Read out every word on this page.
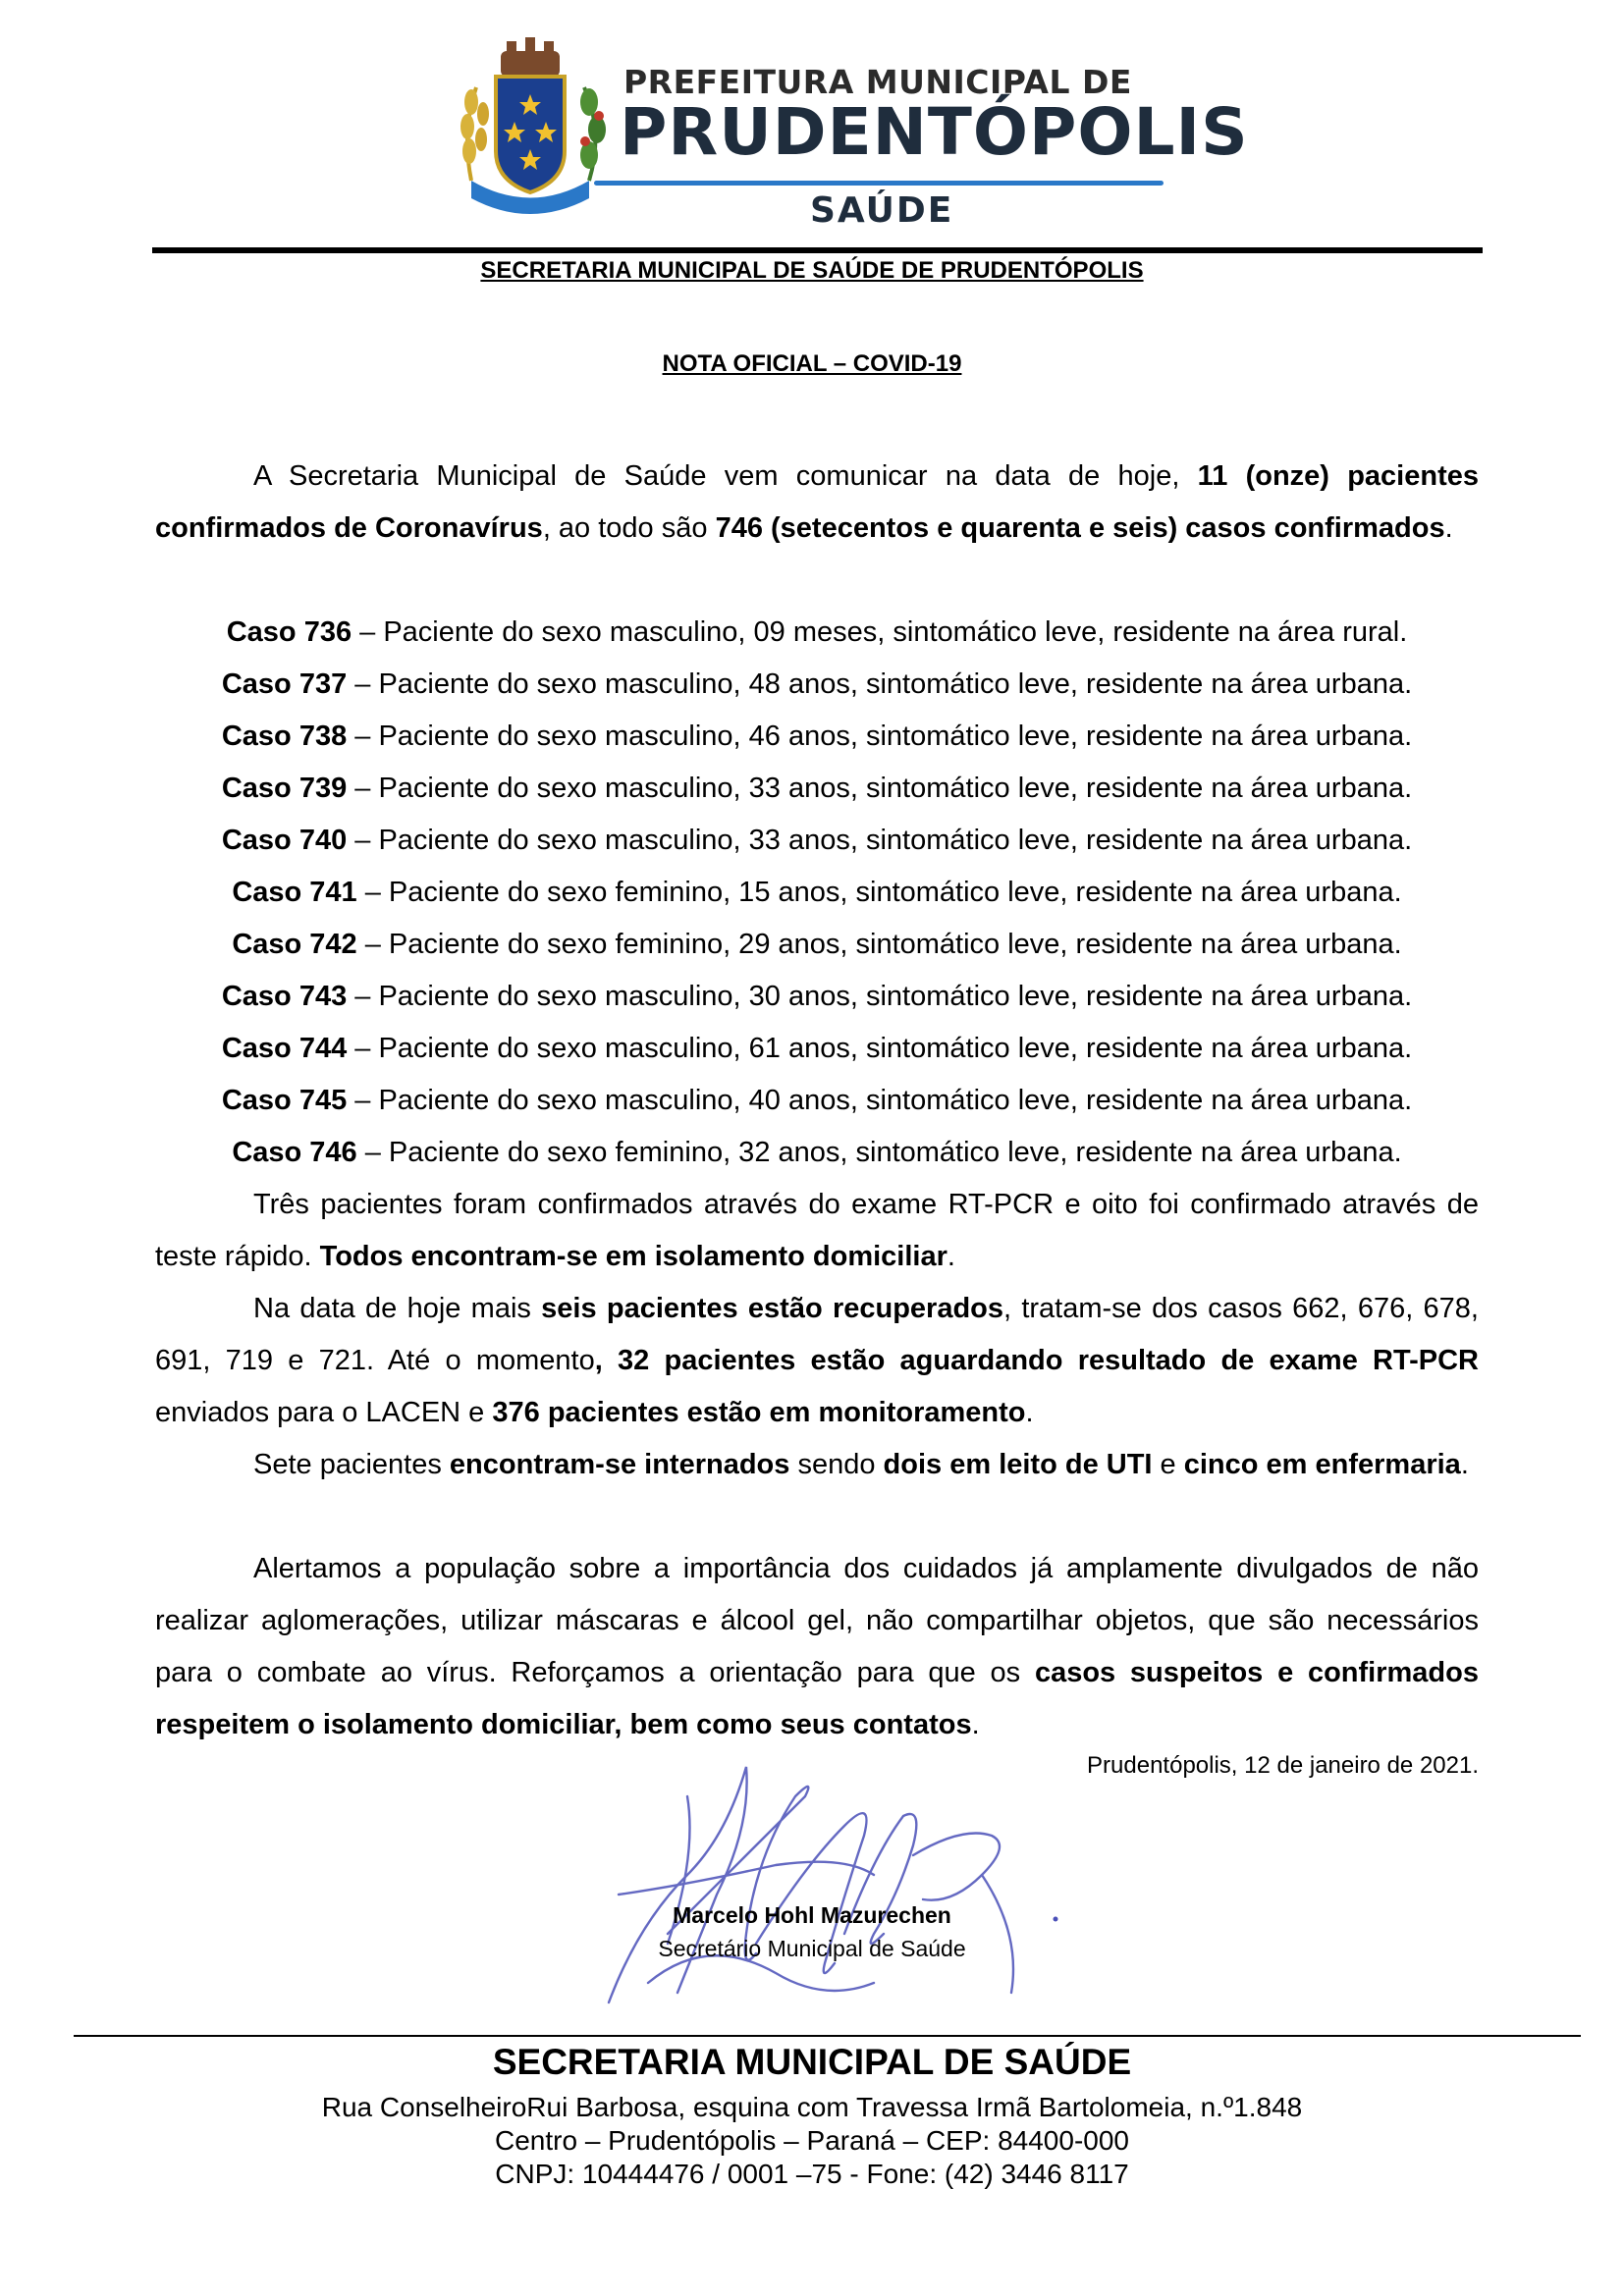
PREFEITURA MUNICIPAL DE
PRUDENTÓPOLIS
SAÚDE
SECRETARIA MUNICIPAL DE SAÚDE DE PRUDENTÓPOLIS
NOTA OFICIAL – COVID-19
A Secretaria Municipal de Saúde vem comunicar na data de hoje, 11 (onze) pacientes confirmados de Coronavírus, ao todo são 746 (setecentos e quarenta e seis) casos confirmados.

Caso 736 – Paciente do sexo masculino, 09 meses, sintomático leve, residente na área rural.

Caso 737 – Paciente do sexo masculino, 48 anos, sintomático leve, residente na área urbana.

Caso 738 – Paciente do sexo masculino, 46 anos, sintomático leve, residente na área urbana.

Caso 739 – Paciente do sexo masculino, 33 anos, sintomático leve, residente na área urbana.

Caso 740 – Paciente do sexo masculino, 33 anos, sintomático leve, residente na área urbana.

Caso 741 – Paciente do sexo feminino, 15 anos, sintomático leve, residente na área urbana.

Caso 742 – Paciente do sexo feminino, 29 anos, sintomático leve, residente na área urbana.

Caso 743 – Paciente do sexo masculino, 30 anos, sintomático leve, residente na área urbana.

Caso 744 – Paciente do sexo masculino, 61 anos, sintomático leve, residente na área urbana.

Caso 745 – Paciente do sexo masculino, 40 anos, sintomático leve, residente na área urbana.

Caso 746 – Paciente do sexo feminino, 32 anos, sintomático leve, residente na área urbana.

Três pacientes foram confirmados através do exame RT-PCR e oito foi confirmado através de teste rápido. Todos encontram-se em isolamento domiciliar.
Na data de hoje mais seis pacientes estão recuperados, tratam-se dos casos 662, 676, 678, 691, 719 e 721. Até o momento, 32 pacientes estão aguardando resultado de exame RT-PCR enviados para o LACEN e 376 pacientes estão em monitoramento.
Sete pacientes encontram-se internados sendo dois em leito de UTI e cinco em enfermaria.
Alertamos a população sobre a importância dos cuidados já amplamente divulgados de não realizar aglomerações, utilizar máscaras e álcool gel, não compartilhar objetos, que são necessários para o combate ao vírus. Reforçamos a orientação para que os casos suspeitos e confirmados respeitem o isolamento domiciliar, bem como seus contatos.
Prudentópolis, 12 de janeiro de 2021.
Marcelo Hohl Mazurechen
Secretário Municipal de Saúde
SECRETARIA MUNICIPAL DE SAÚDE
Rua ConselheiroRui Barbosa, esquina com Travessa Irmã Bartolomeia, n.º1.848
Centro – Prudentópolis – Paraná – CEP: 84400-000
CNPJ: 10444476 / 0001 –75 - Fone: (42) 3446 8117
